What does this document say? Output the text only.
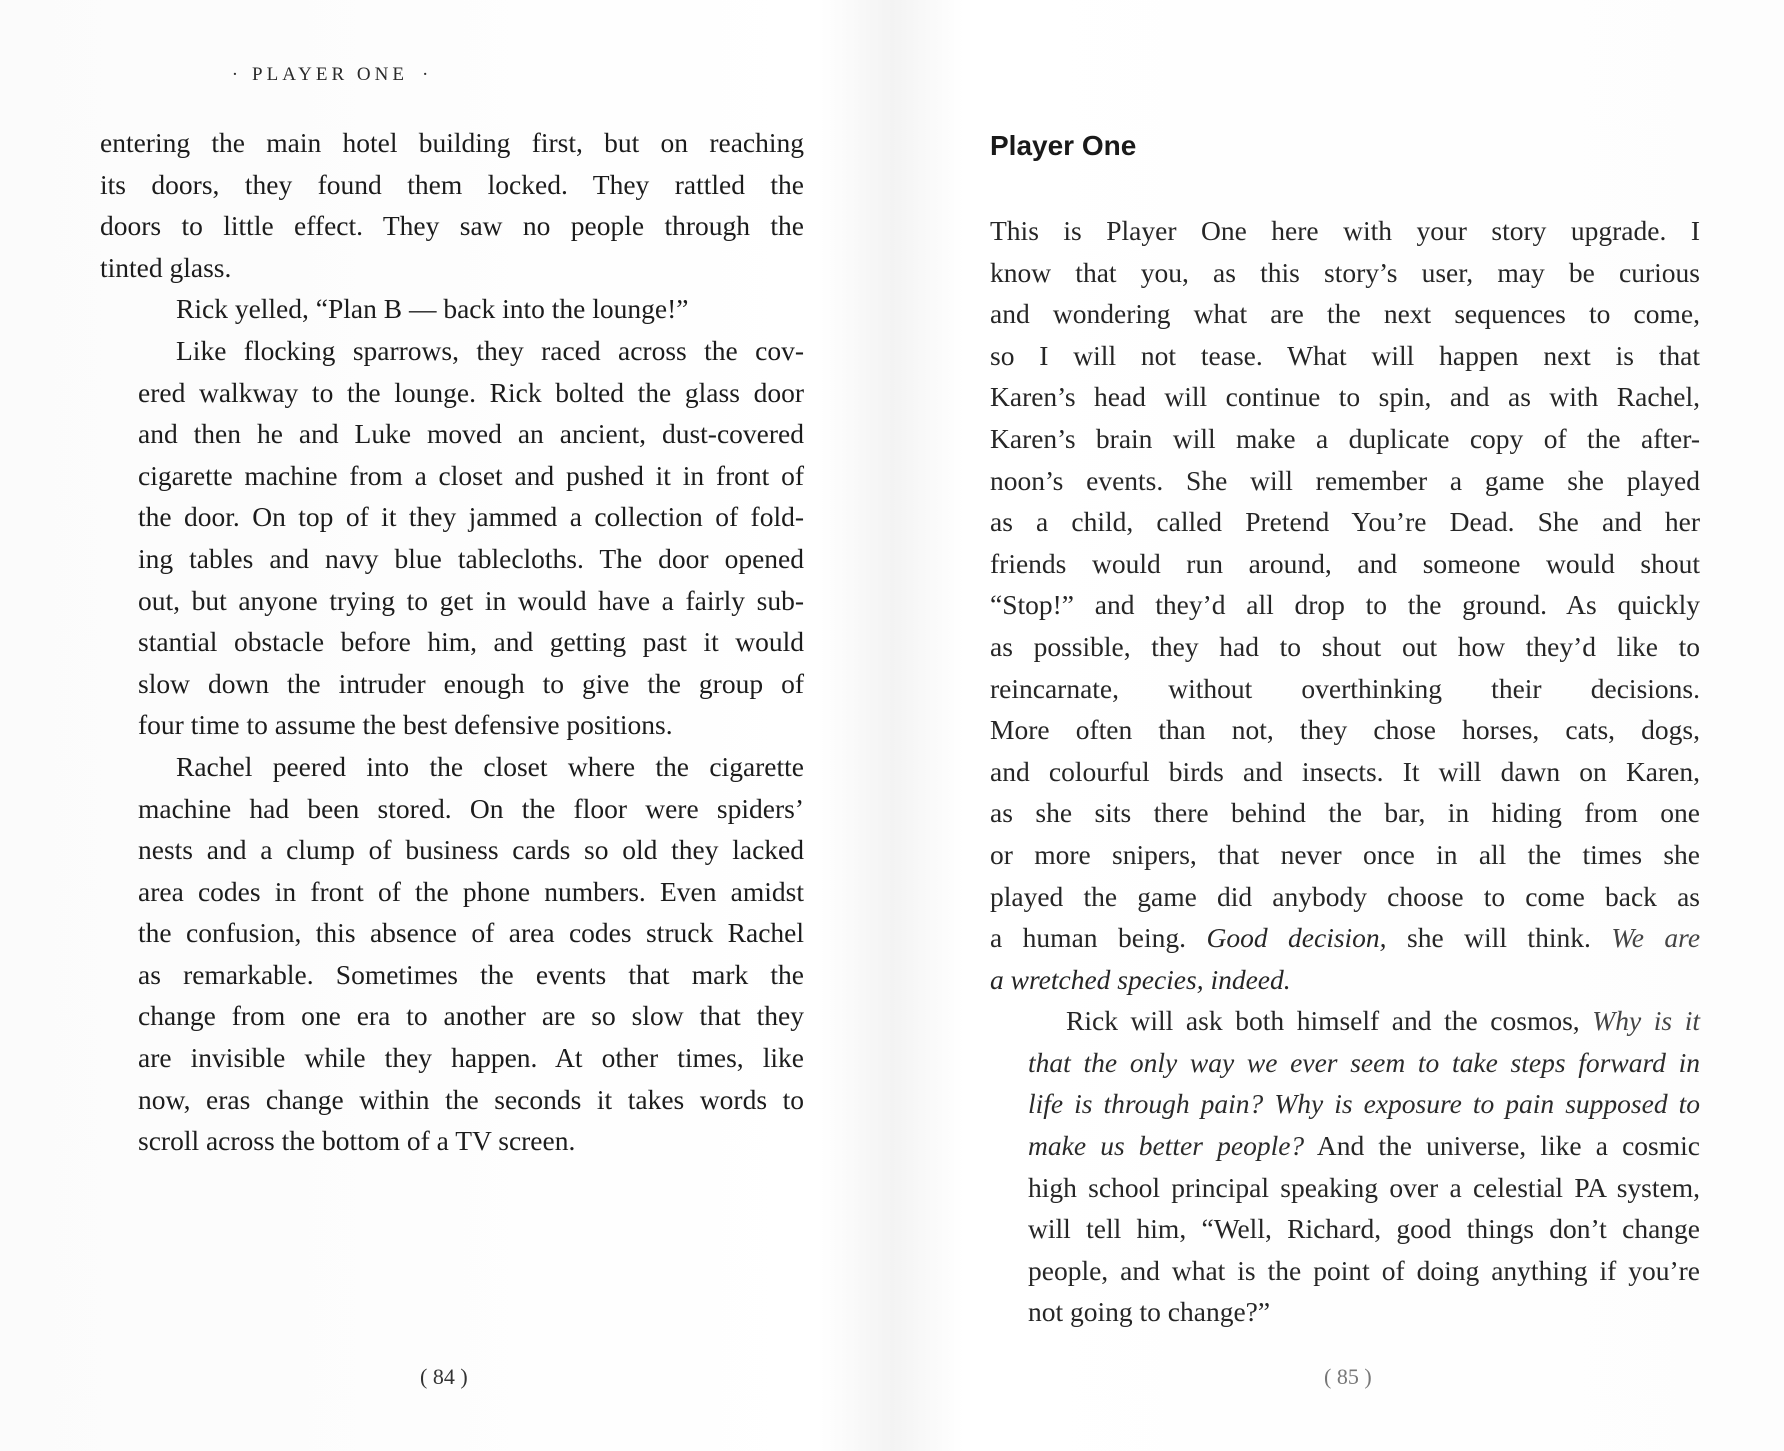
· PLAYER ONE ·

entering the main hotel building first, but on reaching
its doors, they found them locked. They rattled the
doors to little effect. They saw no people through the
tinted glass.

Rick yelled, “Plan B — back into the lounge!”

Like flocking sparrows, they raced across the cov-
ered walkway to the lounge. Rick bolted the glass door
and then he and Luke moved an ancient, dust-covered
cigarette machine from a closet and pushed it in front of
the door. On top of it they jammed a collection of fold-
ing tables and navy blue tablecloths. The door opened
out, but anyone trying to get in would have a fairly sub-
stantial obstacle before him, and getting past it would
slow down the intruder enough to give the group of
four time to assume the best defensive positions.

Rachel peered into the closet where the cigarette
machine had been stored. On the floor were spiders’
nests and a clump of business cards so old they lacked
area codes in front of the phone numbers. Even amidst
the confusion, this absence of area codes struck Rachel
as remarkable. Sometimes the events that mark the
change from one era to another are so slow that they
are invisible while they happen. At other times, like
now, eras change within the seconds it takes words to
scroll across the bottom of a TV screen.

( 84 )
Player One

This is Player One here with your story upgrade. I
know that you, as this story’s user, may be curious
and wondering what are the next sequences to come,
so I will not tease. What will happen next is that
Karen’s head will continue to spin, and as with Rachel,
Karen’s brain will make a duplicate copy of the after-
noon’s events. She will remember a game she played
as a child, called Pretend You’re Dead. She and her
friends would run around, and someone would shout
“Stop!” and they’d all drop to the ground. As quickly
as possible, they had to shout out how they’d like to
reincarnate, without overthinking their decisions.
More often than not, they chose horses, cats, dogs,
and colourful birds and insects. It will dawn on Karen,
as she sits there behind the bar, in hiding from one
or more snipers, that never once in all the times she
played the game did anybody choose to come back as
a human being. Good decision, she will think. We are
a wretched species, indeed.

Rick will ask both himself and the cosmos, Why is it
that the only way we ever seem to take steps forward in
life is through pain? Why is exposure to pain supposed to
make us better people? And the universe, like a cosmic
high school principal speaking over a celestial PA system,
will tell him, “Well, Richard, good things don’t change
people, and what is the point of doing anything if you’re
not going to change?”

( 85 )
